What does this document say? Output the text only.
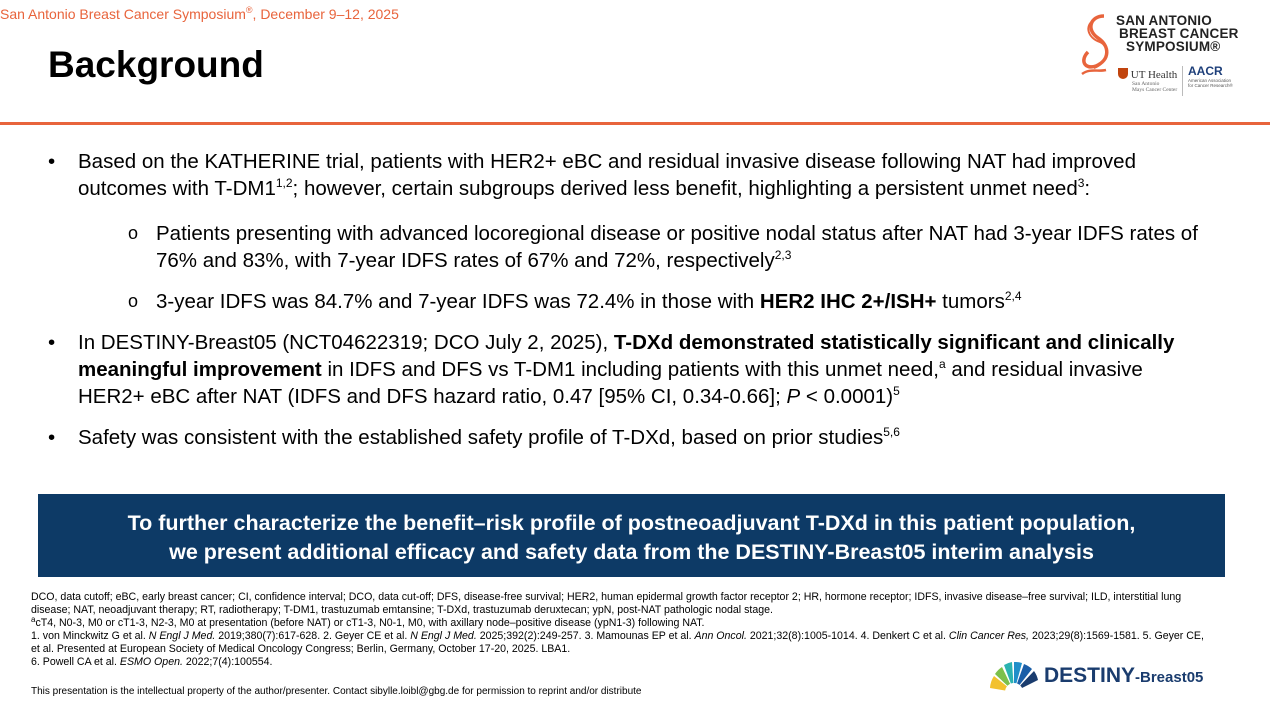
San Antonio Breast Cancer Symposium®, December 9–12, 2025
Background
SAN ANTONIO
BREAST CANCER
SYMPOSIUM®
UT Health
San Antonio
Mays Cancer Center
AACR
American Association
for Cancer Research®
• Based on the KATHERINE trial, patients with HER2+ eBC and residual invasive disease following NAT had improved outcomes with T-DM1$^{1,2}$; however, certain subgroups derived less benefit, highlighting a persistent unmet need$^3$:
o Patients presenting with advanced locoregional disease or positive nodal status after NAT had 3-year IDFS rates of 76% and 83%, with 7-year IDFS rates of 67% and 72%, respectively$^{2,3}$
o 3-year IDFS was 84.7% and 7-year IDFS was 72.4% in those with HER2 IHC 2+/ISH+ tumors$^{2,4}$
• In DESTINY-Breast05 (NCT04622319; DCO July 2, 2025), T-DXd demonstrated statistically significant and clinically meaningful improvement in IDFS and DFS vs T-DM1 including patients with this unmet need,$^a$ and residual invasive HER2+ eBC after NAT (IDFS and DFS hazard ratio, 0.47 [95% CI, 0.34-0.66]; P < 0.0001)$^5$
• Safety was consistent with the established safety profile of T-DXd, based on prior studies$^{5,6}$
To further characterize the benefit–risk profile of postneoadjuvant T-DXd in this patient population,
we present additional efficacy and safety data from the DESTINY-Breast05 interim analysis
DCO, data cutoff; eBC, early breast cancer; CI, confidence interval; DCO, data cut-off; DFS, disease-free survival; HER2, human epidermal growth factor receptor 2; HR, hormone receptor; IDFS, invasive disease–free survival; ILD, interstitial lung disease; NAT, neoadjuvant therapy; RT, radiotherapy; T-DM1, trastuzumab emtansine; T-DXd, trastuzumab deruxtecan; ypN, post-NAT pathologic nodal stage.
$^a$cT4, N0-3, M0 or cT1-3, N2-3, M0 at presentation (before NAT) or cT1-3, N0-1, M0, with axillary node–positive disease (ypN1-3) following NAT.
1. von Minckwitz G et al. N Engl J Med. 2019;380(7):617-628. 2. Geyer CE et al. N Engl J Med. 2025;392(2):249-257. 3. Mamounas EP et al. Ann Oncol. 2021;32(8):1005-1014. 4. Denkert C et al. Clin Cancer Res, 2023;29(8):1569-1581. 5. Geyer CE, et al. Presented at European Society of Medical Oncology Congress; Berlin, Germany, October 17-20, 2025. LBA1.
6. Powell CA et al. ESMO Open. 2022;7(4):100554.
This presentation is the intellectual property of the author/presenter. Contact sibylle.loibl@gbg.de for permission to reprint and/or distribute
DESTINY-Breast05
